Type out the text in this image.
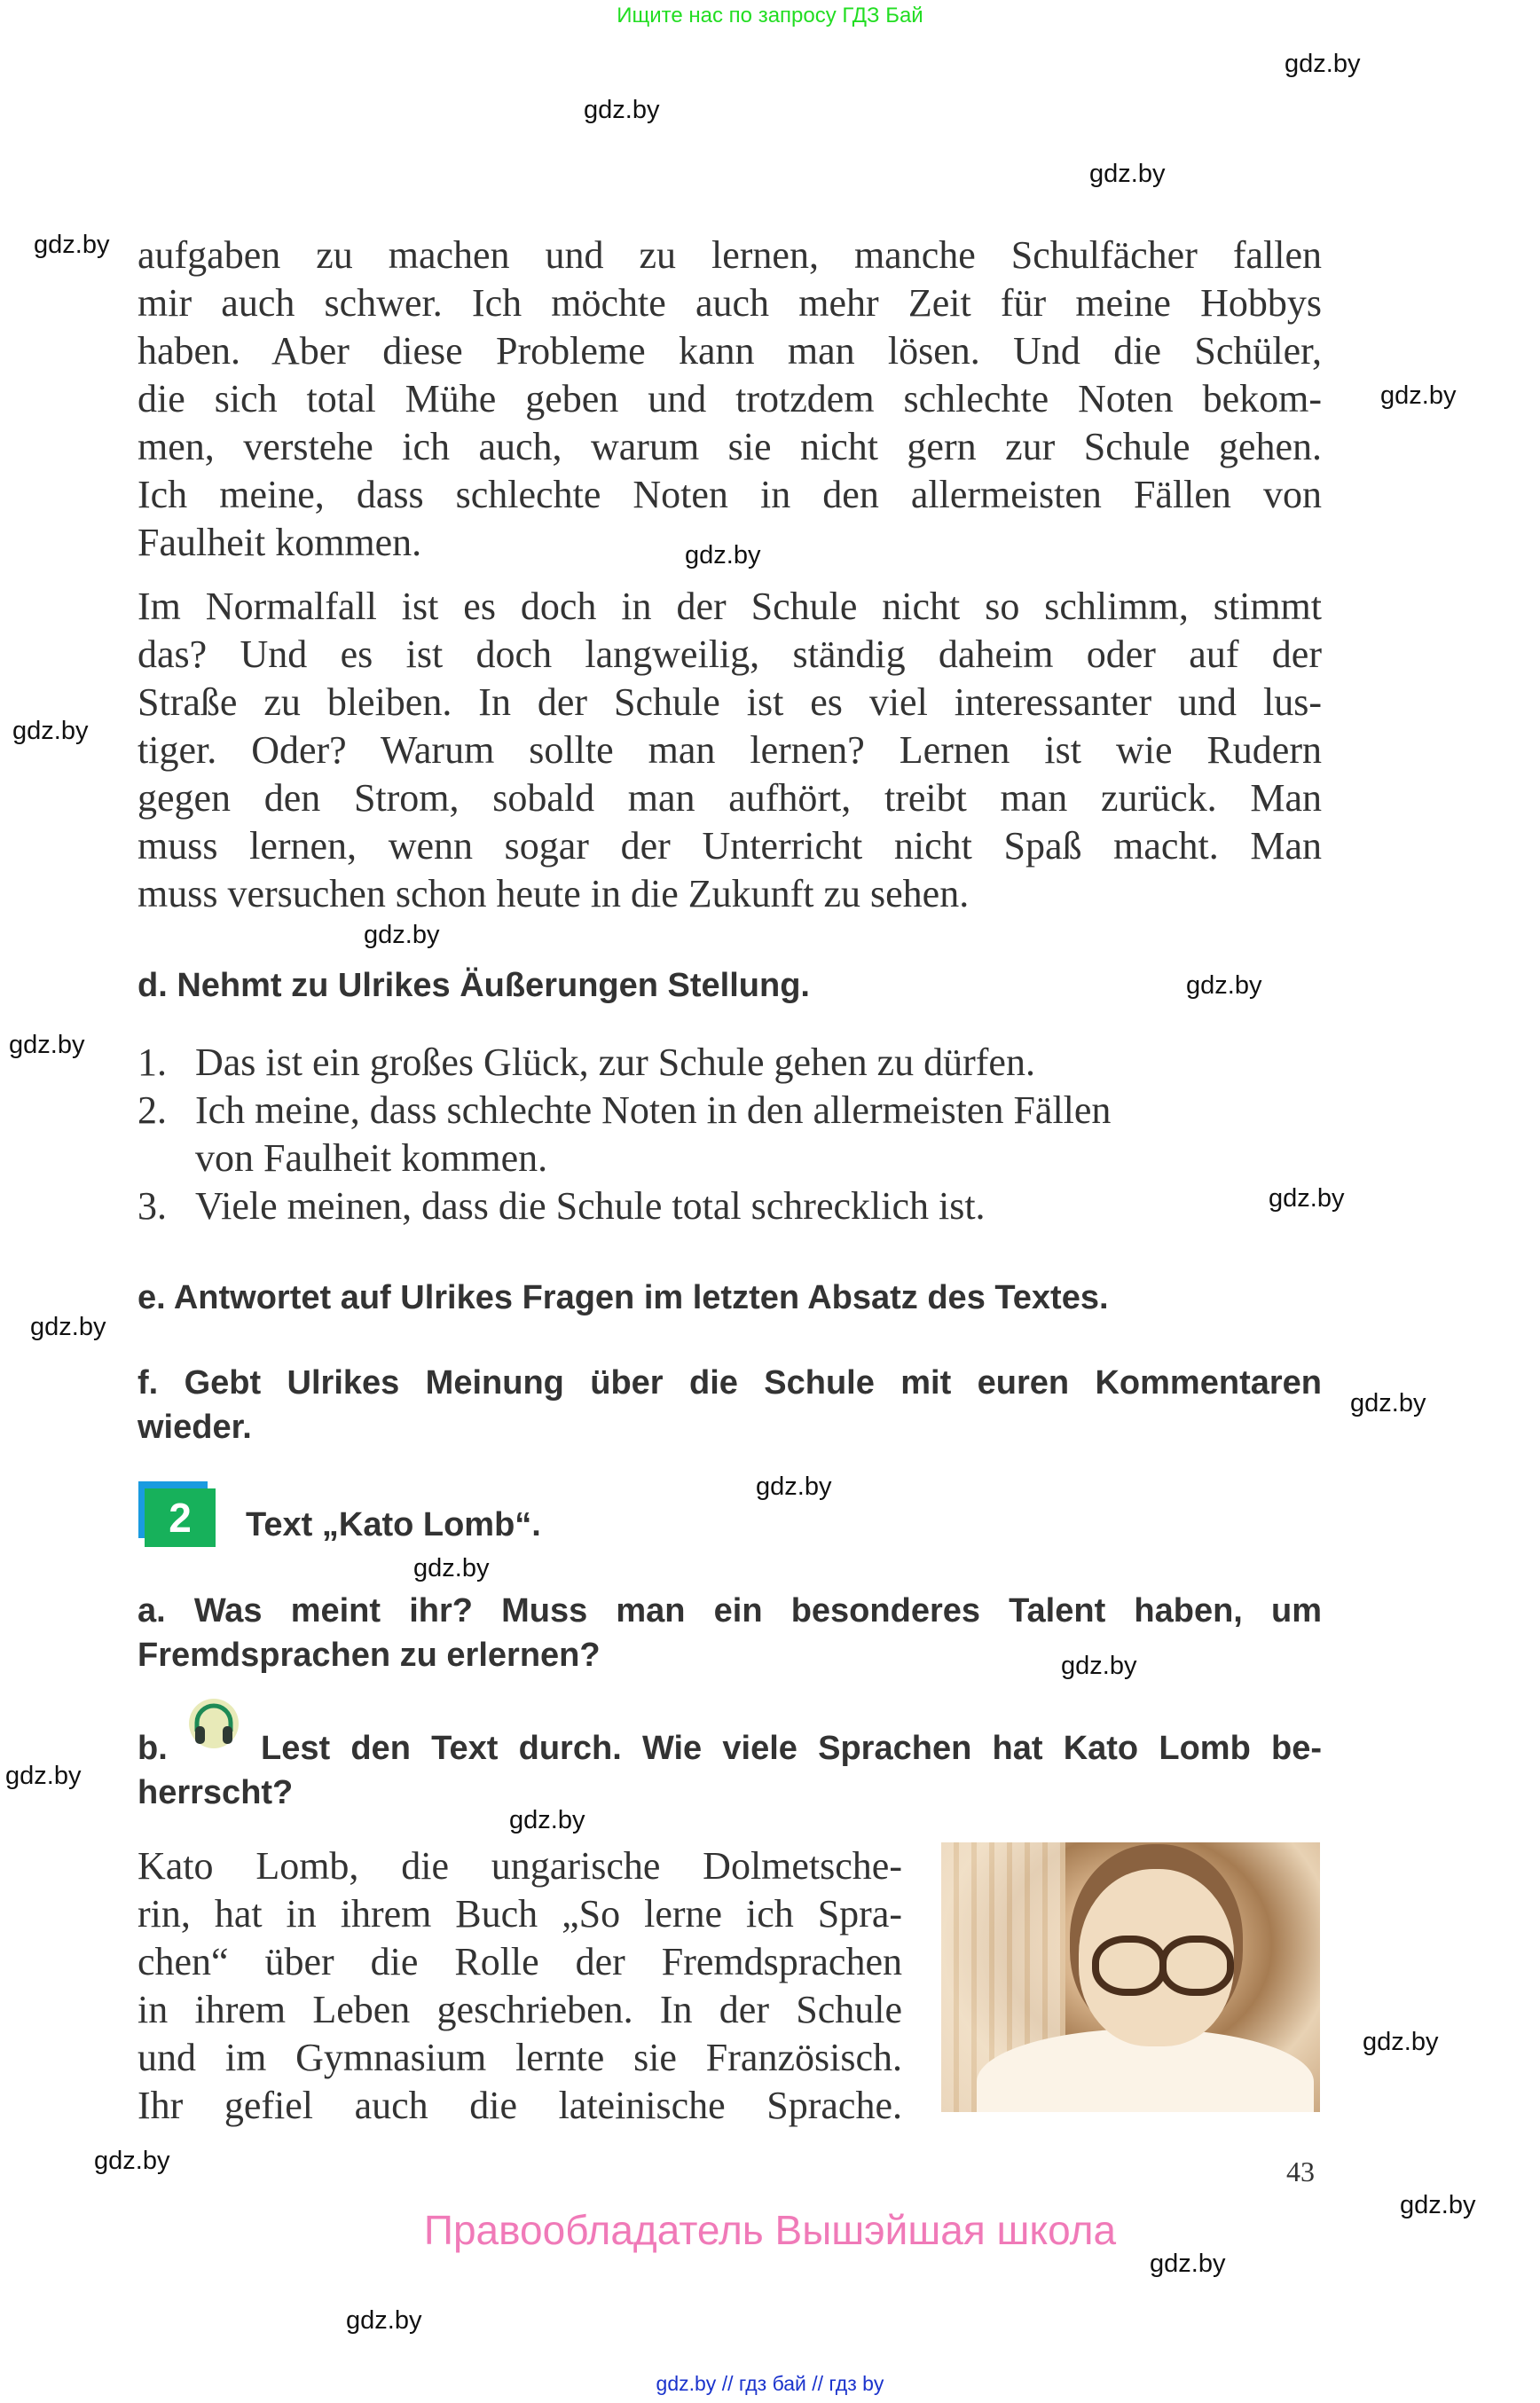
Ищите нас по запросу ГДЗ Бай
gdz.by
gdz.by
gdz.by
gdz.by
gdz.by
gdz.by
gdz.by
gdz.by
gdz.by
gdz.by
gdz.by
gdz.by
gdz.by
gdz.by
gdz.by
gdz.by
gdz.by
gdz.by
gdz.by
gdz.by
gdz.by
gdz.by
gdz.by
aufgaben zu machen und zu lernen, manche Schulfächer fallen
mir auch schwer. Ich möchte auch mehr Zeit für meine Hobbys
haben. Aber diese Probleme kann man lösen. Und die Schüler,
die sich total Mühe geben und trotzdem schlechte Noten bekom-
men, verstehe ich auch, warum sie nicht gern zur Schule gehen.
Ich meine, dass schlechte Noten in den allermeisten Fällen von
Faulheit kommen.
Im Normalfall ist es doch in der Schule nicht so schlimm, stimmt
das? Und es ist doch langweilig, ständig daheim oder auf der
Straße zu bleiben. In der Schule ist es viel interessanter und lus-
tiger. Oder? Warum sollte man lernen? Lernen ist wie Rudern
gegen den Strom, sobald man aufhört, treibt man zurück. Man
muss lernen, wenn sogar der Unterricht nicht Spaß macht. Man
muss versuchen schon heute in die Zukunft zu sehen.
d. Nehmt zu Ulrikes Äußerungen Stellung.
1. Das ist ein großes Glück, zur Schule gehen zu dürfen.
2. Ich meine, dass schlechte Noten in den allermeisten Fällen
von Faulheit kommen.
3. Viele meinen, dass die Schule total schrecklich ist.
e. Antwortet auf Ulrikes Fragen im letzten Absatz des Textes.
f. Gebt Ulrikes Meinung über die Schule mit euren Kommentaren
wieder.
2	Text „Kato Lomb“.
a. Was meint ihr? Muss man ein besonderes Talent haben, um
Fremdsprachen zu erlernen?
b.	Lest den Text durch. Wie viele Sprachen hat Kato Lomb be-
herrscht?
Kato Lomb, die ungarische Dolmetsche-
rin, hat in ihrem Buch „So lerne ich Spra-
chen“ über die Rolle der Fremdsprachen
in ihrem Leben geschrieben. In der Schule
und im Gymnasium lernte sie Französisch.
Ihr gefiel auch die lateinische Sprache.
43
Правообладатель Вышэйшая школа
gdz.by // гдз бай // гдз by
